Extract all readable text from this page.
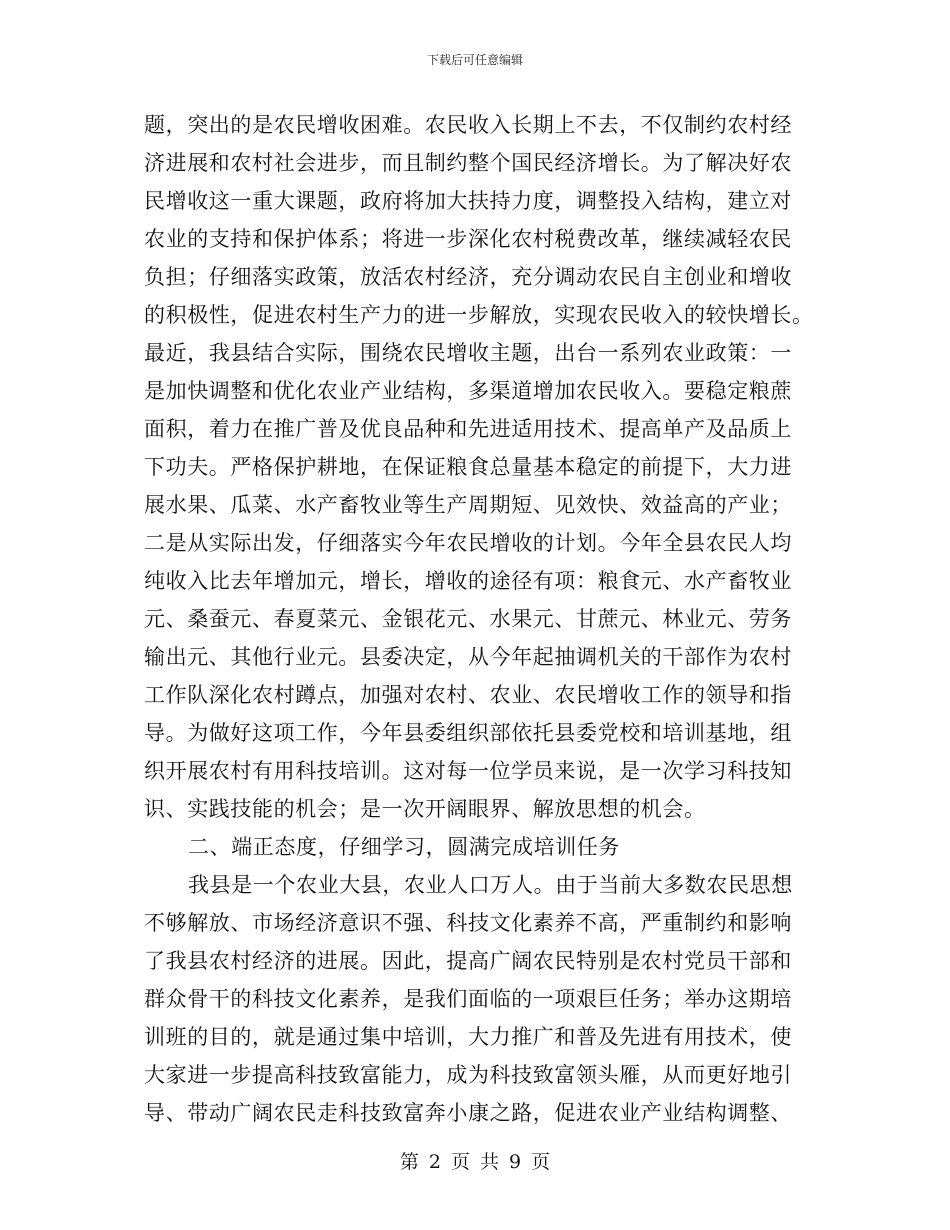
下载后可任意编辑
题，突出的是农民增收困难。农民收入长期上不去，不仅制约农村经
济进展和农村社会进步，而且制约整个国民经济增长。为了解决好农
民增收这一重大课题，政府将加大扶持力度，调整投入结构，建立对
农业的支持和保护体系；将进一步深化农村税费改革，继续减轻农民
负担；仔细落实政策，放活农村经济，充分调动农民自主创业和增收
的积极性，促进农村生产力的进一步解放，实现农民收入的较快增长。
最近，我县结合实际，围绕农民增收主题，出台一系列农业政策：一
是加快调整和优化农业产业结构，多渠道增加农民收入。要稳定粮蔗
面积，着力在推广普及优良品种和先进适用技术、提高单产及品质上
下功夫。严格保护耕地，在保证粮食总量基本稳定的前提下，大力进
展水果、瓜菜、水产畜牧业等生产周期短、见效快、效益高的产业；
二是从实际出发，仔细落实今年农民增收的计划。今年全县农民人均
纯收入比去年增加元，增长，增收的途径有项：粮食元、水产畜牧业
元、桑蚕元、春夏菜元、金银花元、水果元、甘蔗元、林业元、劳务
输出元、其他行业元。县委决定，从今年起抽调机关的干部作为农村
工作队深化农村蹲点，加强对农村、农业、农民增收工作的领导和指
导。为做好这项工作，今年县委组织部依托县委党校和培训基地，组
织开展农村有用科技培训。这对每一位学员来说，是一次学习科技知
识、实践技能的机会；是一次开阔眼界、解放思想的机会。
二、端正态度，仔细学习，圆满完成培训任务
我县是一个农业大县，农业人口万人。由于当前大多数农民思想
不够解放、市场经济意识不强、科技文化素养不高，严重制约和影响
了我县农村经济的进展。因此，提高广阔农民特别是农村党员干部和
群众骨干的科技文化素养，是我们面临的一项艰巨任务；举办这期培
训班的目的，就是通过集中培训，大力推广和普及先进有用技术，使
大家进一步提高科技致富能力，成为科技致富领头雁，从而更好地引
导、带动广阔农民走科技致富奔小康之路，促进农业产业结构调整、
第 2 页 共 9 页
